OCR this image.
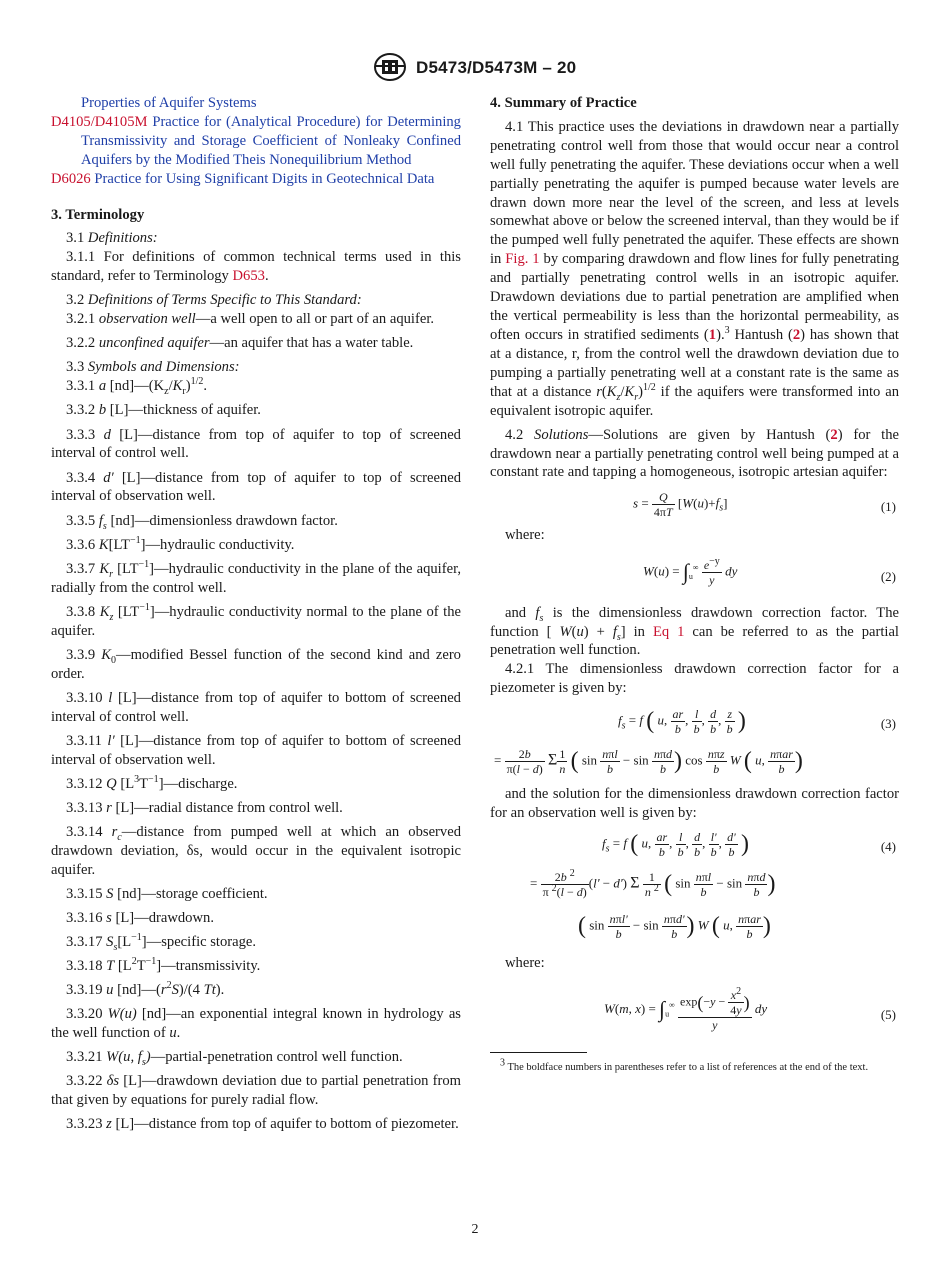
D5473/D5473M – 20

Properties of Aquifer Systems

D4105/D4105M Practice for (Analytical Procedure) for Determining Transmissivity and Storage Coefficient of Nonleaky Confined Aquifers by the Modified Theis Nonequilibrium Method

D6026 Practice for Using Significant Digits in Geotechnical Data

3. Terminology

3.1 Definitions:

3.1.1 For definitions of common technical terms used in this standard, refer to Terminology D653.

3.2 Definitions of Terms Specific to This Standard:

3.2.1 observation well—a well open to all or part of an aquifer.

3.2.2 unconfined aquifer—an aquifer that has a water table.

3.3 Symbols and Dimensions:

3.3.1 a $[nd]—(K_z/K_r)^{1/2}$.

3.3.2 b [L]—thickness of aquifer.

3.3.3 d [L]—distance from top of aquifer to top of screened interval of control well.

3.3.4 d′ [L]—distance from top of aquifer to top of screened interval of observation well.

3.3.5 $f_s$ [nd]—dimensionless drawdown factor.

3.3.6 $K[LT^{-1}]—hydraulic$ conductivity.

3.3.7 $K_r$ $[LT^{-1}]—hydraulic$ conductivity in the plane of the aquifer, radially from the control well.

3.3.8 $K_z$ $[LT^{-1}]—hydraulic$ conductivity normal to the plane of the aquifer.

3.3.9 $K_0—modified$ Bessel function of the second kind and zero order.

3.3.10 l [L]—distance from top of aquifer to bottom of screened interval of control well.

3.3.11 l′ [L]—distance from top of aquifer to bottom of screened interval of observation well.

3.3.12 Q $[L^3T^{-1}]—discharge$.

3.3.13 r [L]—radial distance from control well.

3.3.14 $r_c—distance$ from pumped well at which an observed drawdown deviation, δs, would occur in the equivalent isotropic aquifer.

3.3.15 S [nd]—storage coefficient.

3.3.16 s [L]—drawdown.

3.3.17 $S_s[L^{-1}]—specific$ storage.

3.3.18 T $[L^2T^{-1}]—transmissivity$.

3.3.19 u $[nd]—(r^2S)/(4$ Tt).

3.3.20 W(u) [nd]—an exponential integral known in hydrology as the well function of u.

3.3.21 W(u, $f_s)—partial$-penetration control well function.

3.3.22 δs [L]—drawdown deviation due to partial penetration from that given by equations for purely radial flow.

3.3.23 z [L]—distance from top of aquifer to bottom of piezometer.

4. Summary of Practice

4.1 This practice uses the deviations in drawdown near a partially penetrating control well from those that would occur near a control well fully penetrating the aquifer. These deviations occur when a well partially penetrating the aquifer is pumped because water levels are drawn down more near the level of the screen, and less at levels somewhat above or below the screened interval, than they would be if the pumped well fully penetrated the aquifer. These effects are shown in Fig. 1 by comparing drawdown and flow lines for fully penetrating and partially penetrating control wells in an isotropic aquifer. Drawdown deviations due to partial penetration are amplified when the vertical permeability is less than the horizontal permeability, as often occurs in stratified sediments (1).$^3$ Hantush (2) has shown that at a distance, r, from the control well the drawdown deviation due to pumping a partially penetrating well at a constant rate is the same as that at a distance $r(K_z/K_r)^{1/2}$ if the aquifers were transformed into an equivalent isotropic aquifer.

4.2 Solutions—Solutions are given by Hantush (2) for the drawdown near a partially penetrating control well being pumped at a constant rate and tapping a homogeneous, isotropic artesian aquifer:

$s = \frac{Q}{4\pi T} [W(u)+f_s]$	(1)

where:

$W(u) = \int_u^\infty \frac{e^{-y}}{y}$ dy	(2)

and $f_s$ is the dimensionless drawdown correction factor. The function [ $W(u) + f_s$] in Eq 1 can be referred to as the partial penetration well function.

4.2.1 The dimensionless drawdown correction factor for a piezometer is given by:

$f_s = f$ ( u, $\frac{ar}{b}$ , $\frac{l}{b}$ , $\frac{d}{b}$ , $\frac{z}{b}$ )	(3)
= $\frac{2b}{\pi(l - d)}$ Σ $\frac{1}{n}$ ( $\sin \frac{\text{nπl}}{b} - \sin \frac{\text{nπd}}{b}$ ) $\cos \frac{\text{nπz}}{b}$ W ( u, $\frac{\text{nπar}}{b}$ )

and the solution for the dimensionless drawdown correction factor for an observation well is given by:

$f_s = f$ ( u, $\frac{ar}{b}$ , $\frac{l}{b}$ , $\frac{d}{b}$ , $\frac{l'}{b}$ , $\frac{d'}{b}$ )	(4)
= $\frac{2b ^2}{\pi ^2(l - d)} (l' - d')$ Σ $\frac{1}{n ^2}$ ( $\sin \frac{\text{nπl}}{b} - \sin \frac{\text{nπd}}{b}$ )
( $\sin \frac{\text{nπl'}}{b} - \sin \frac{\text{nπd'}}{b}$ ) W ( u, $\frac{\text{nπar}}{b}$ )

where:

W(m, $x) = \int_u^\infty \frac{\exp(-y - \frac{x^2}{4y} )}{y}$ dy	(5)

$^3$ The boldface numbers in parentheses refer to a list of references at the end of the text.

2
